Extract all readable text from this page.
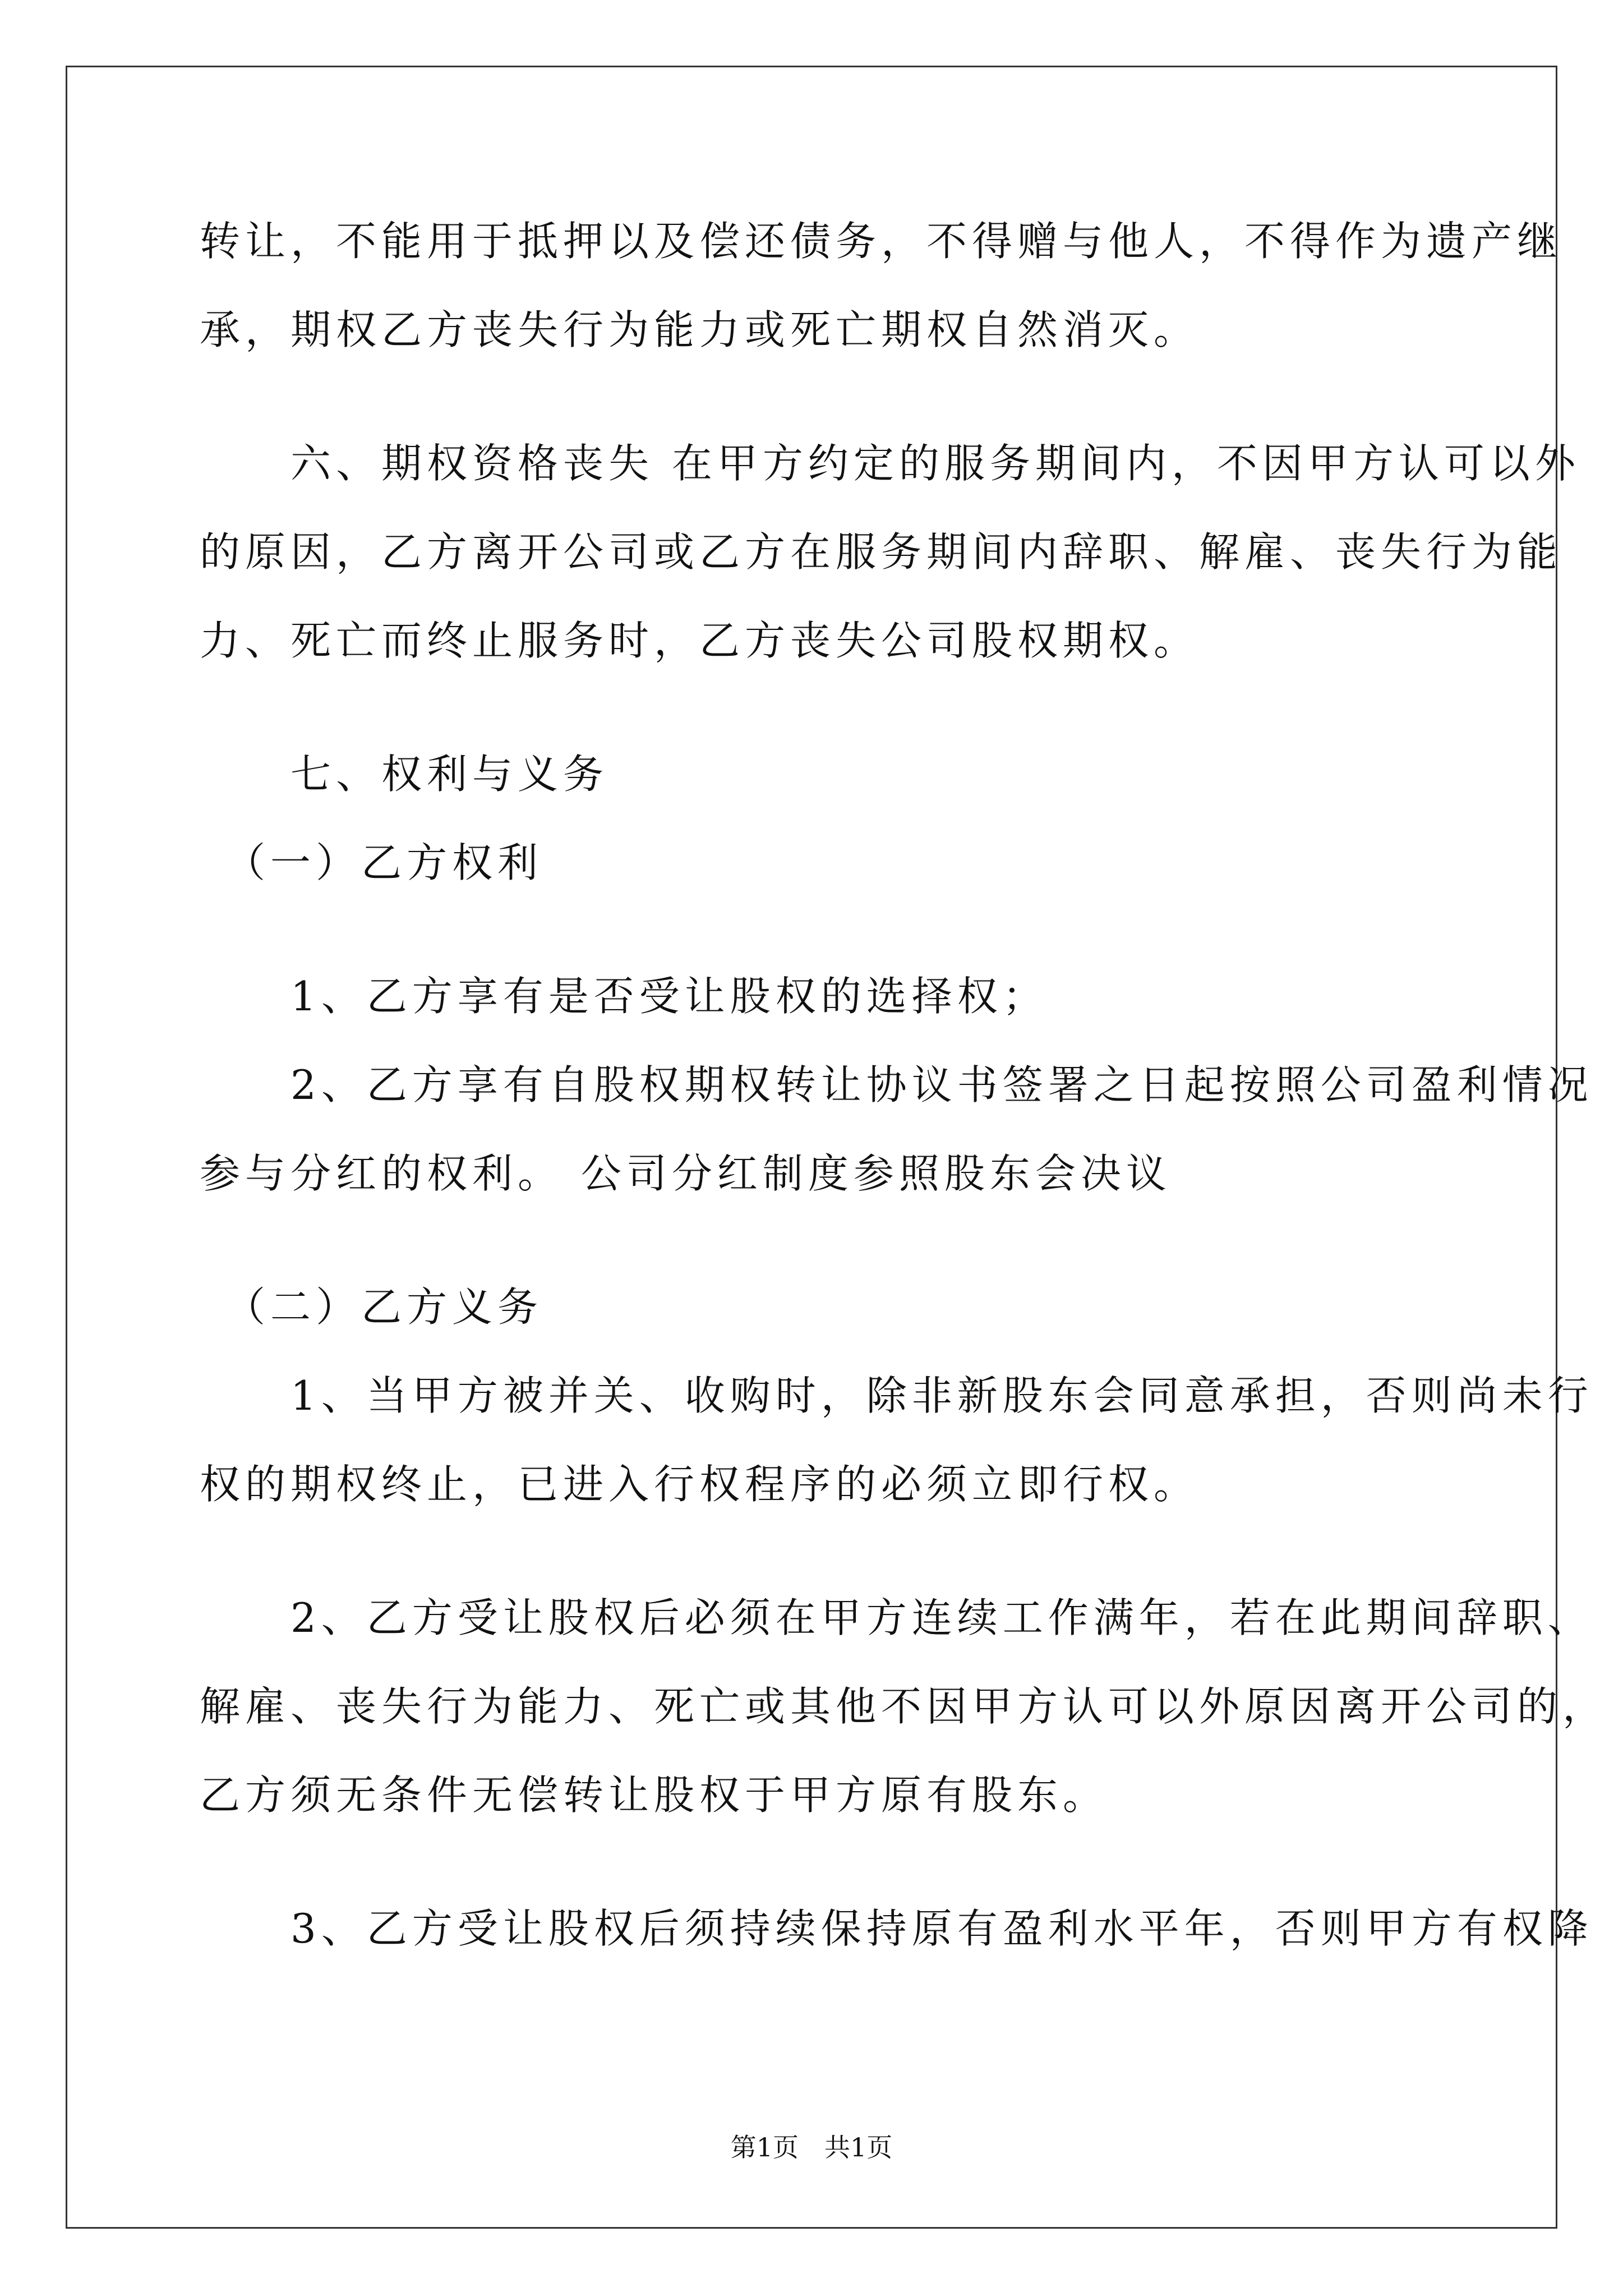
转让，不能用于抵押以及偿还债务，不得赠与他人，不得作为遗产继
承，期权乙方丧失行为能力或死亡期权自然消灭。
　　六、期权资格丧失 在甲方约定的服务期间内，不因甲方认可以外
的原因，乙方离开公司或乙方在服务期间内辞职、解雇、丧失行为能
力、死亡而终止服务时，乙方丧失公司股权期权。
　　七、权利与义务
　（一）乙方权利
　　1、乙方享有是否受让股权的选择权；
　　2、乙方享有自股权期权转让协议书签署之日起按照公司盈利情况
参与分红的权利。 公司分红制度参照股东会决议
　（二）乙方义务
　　1、当甲方被并关、收购时，除非新股东会同意承担，否则尚未行
权的期权终止，已进入行权程序的必须立即行权。
　　2、乙方受让股权后必须在甲方连续工作满年，若在此期间辞职、
解雇、丧失行为能力、死亡或其他不因甲方认可以外原因离开公司的，
乙方须无条件无偿转让股权于甲方原有股东。
　　3、乙方受让股权后须持续保持原有盈利水平年，否则甲方有权降
第1页　共1页
